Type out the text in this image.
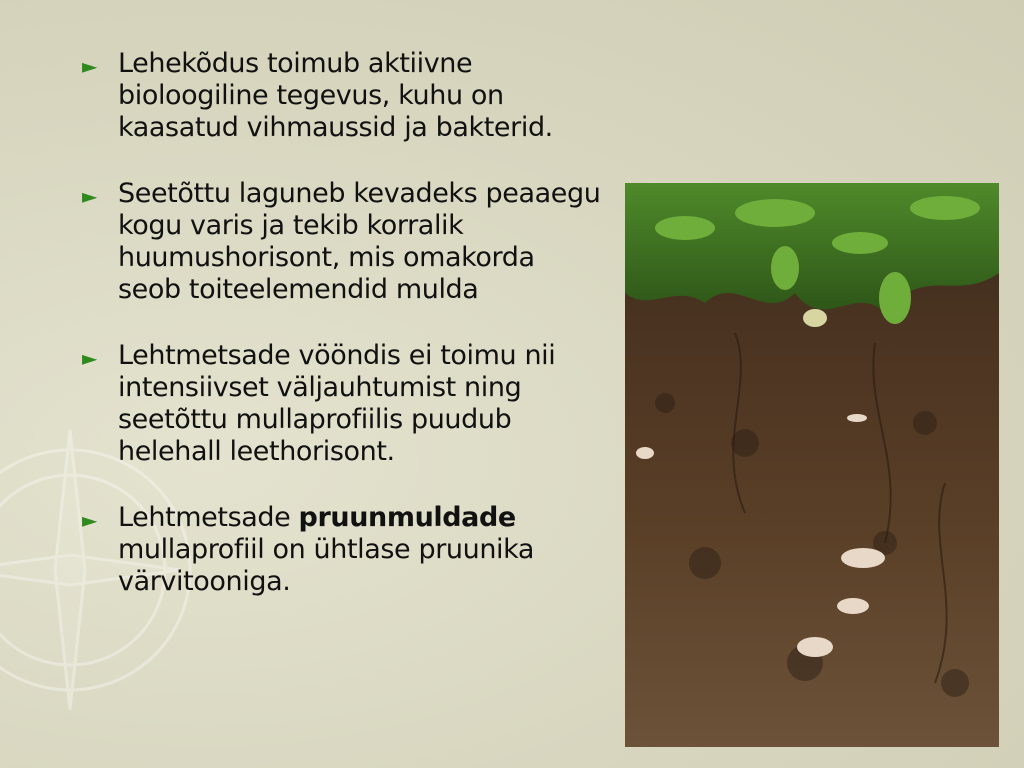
► Lehekõdus toimub aktiivne bioloogiline tegevus, kuhu on kaasatud vihmaussid ja bakterid.
► Seetõttu laguneb kevadeks peaaegu kogu varis ja tekib korralik huumushorisont, mis omakorda seob toiteelemendid mulda
► Lehtmetsade vööndis ei toimu nii intensiivset väljauhtumist ning seetõttu mullaprofiilis puudub helehall leethorisont.
► Lehtmetsade pruunmuldade mullaprofiil on ühtlase pruunika värvitooniga.
